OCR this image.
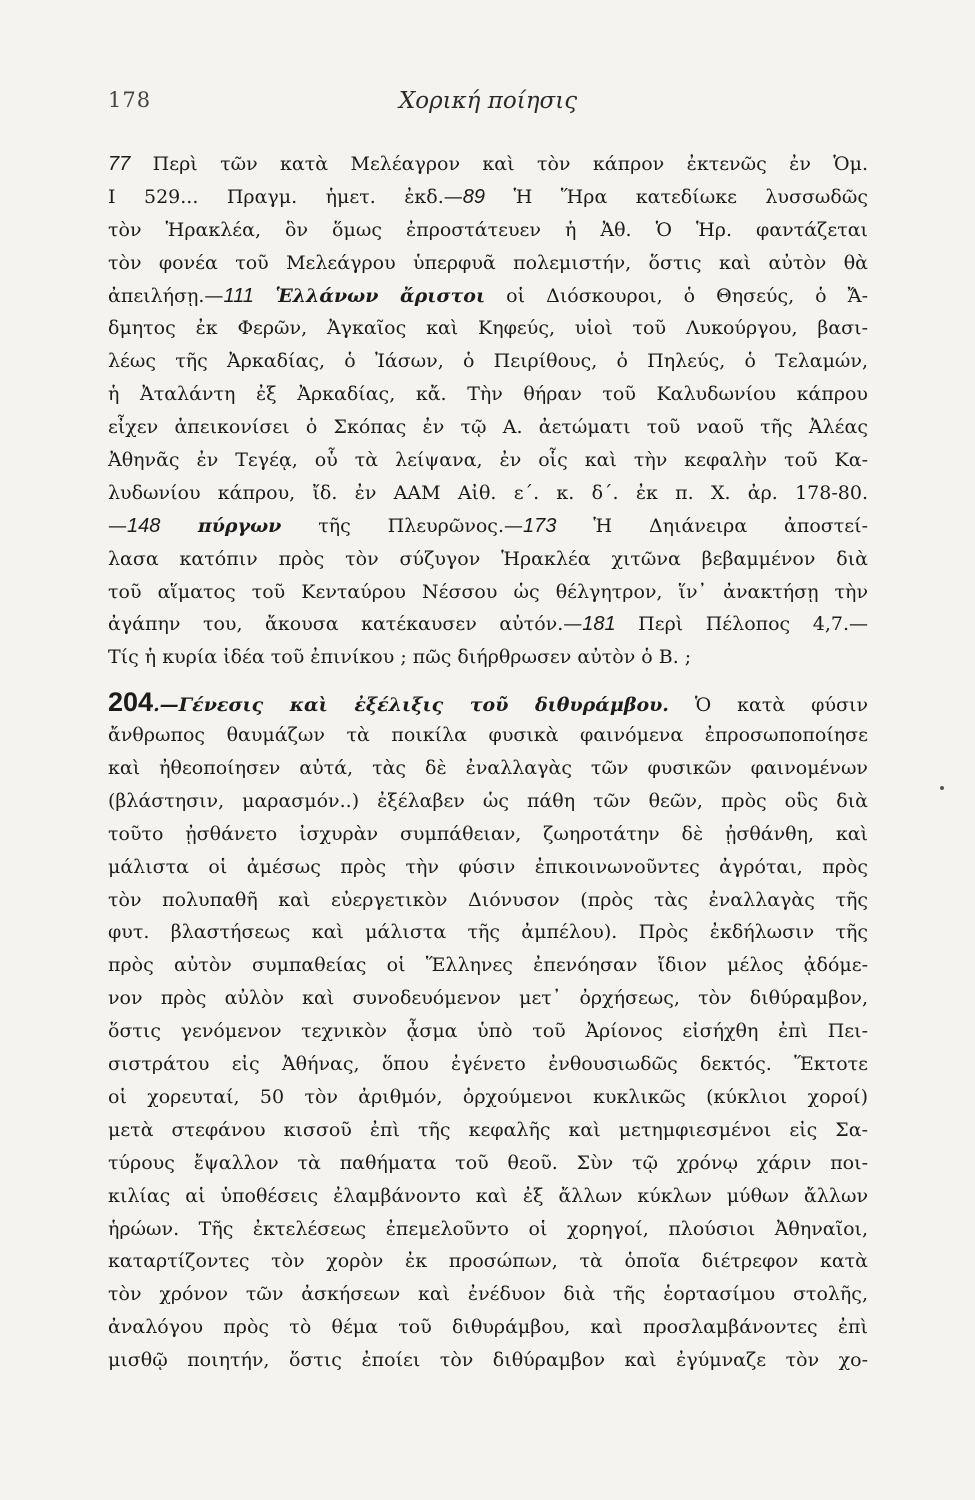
178	Χορική ποίησις
77 Περὶ τῶν κατὰ Μελέαγρον καὶ τὸν κάπρον ἐκτενῶς ἐν Ὁμ.
Ι 529... Πραγμ. ἡμετ. ἐκδ.—89 Ἡ Ἥρα κατεδίωκε λυσσωδῶς
τὸν Ἡρακλέα, ὃν ὅμως ἐπροστάτευεν ἡ Ἀθ. Ὁ Ἡρ. φαντάζεται
τὸν φονέα τοῦ Μελεάγρου ὑπερφυᾶ πολεμιστήν, ὅστις καὶ αὐτὸν θὰ
ἀπειλήσῃ.—111 Ἑλλάνων ἄριστοι οἱ Διόσκουροι, ὁ Θησεύς, ὁ Ἄ-
δμητος ἐκ Φερῶν, Ἀγκαῖος καὶ Κηφεύς, υἱοὶ τοῦ Λυκούργου, βασι-
λέως τῆς Ἀρκαδίας, ὁ Ἰάσων, ὁ Πειρίθους, ὁ Πηλεύς, ὁ Τελαμών,
ἡ Ἀταλάντη ἐξ Ἀρκαδίας, κἄ. Τὴν θήραν τοῦ Καλυδωνίου κάπρου
εἶχεν ἀπεικονίσει ὁ Σκόπας ἐν τῷ Α. ἀετώματι τοῦ ναοῦ τῆς Ἀλέας
Ἀθηνᾶς ἐν Τεγέᾳ, οὗ τὰ λείψανα, ἐν οἷς καὶ τὴν κεφαλὴν τοῦ Κα-
λυδωνίου κάπρου, ἴδ. ἐν ΑΑΜ Αἰθ. ε΄. κ. δ΄. ἐκ π. Χ. ἀρ. 178-80.
—148 πύργων τῆς Πλευρῶνος.—173 Ἡ Δηιάνειρα ἀποστεί-
λασα κατόπιν πρὸς τὸν σύζυγον Ἡρακλέα χιτῶνα βεβαμμένον διὰ
τοῦ αἵματος τοῦ Κενταύρου Νέσσου ὡς θέλγητρον, ἵν᾿ ἀνακτήσῃ τὴν
ἀγάπην του, ἄκουσα κατέκαυσεν αὐτόν.—181 Περὶ Πέλοπος 4,7.—
Τίς ἡ κυρία ἰδέα τοῦ ἐπινίκου ; πῶς διήρθρωσεν αὐτὸν ὁ Β. ;
204.—Γένεσις καὶ ἐξέλιξις τοῦ διθυράμβου. Ὁ κατὰ φύσιν
ἄνθρωπος θαυμάζων τὰ ποικίλα φυσικὰ φαινόμενα ἐπροσωποποίησε
καὶ ἠθεοποίησεν αὐτά, τὰς δὲ ἐναλλαγὰς τῶν φυσικῶν φαινομένων
(βλάστησιν, μαρασμόν..) ἐξέλαβεν ὡς πάθη τῶν θεῶν, πρὸς οὓς διὰ
τοῦτο ᾐσθάνετο ἰσχυρὰν συμπάθειαν, ζωηροτάτην δὲ ᾐσθάνθη, καὶ
μάλιστα οἱ ἀμέσως πρὸς τὴν φύσιν ἐπικοινωνοῦντες ἀγρόται, πρὸς
τὸν πολυπαθῆ καὶ εὐεργετικὸν Διόνυσον (πρὸς τὰς ἐναλλαγὰς τῆς
φυτ. βλαστήσεως καὶ μάλιστα τῆς ἀμπέλου). Πρὸς ἐκδήλωσιν τῆς
πρὸς αὐτὸν συμπαθείας οἱ Ἕλληνες ἐπενόησαν ἴδιον μέλος ᾀδόμε-
νον πρὸς αὐλὸν καὶ συνοδευόμενον μετ᾿ ὀρχήσεως, τὸν διθύραμβον,
ὅστις γενόμενον τεχνικὸν ᾆσμα ὑπὸ τοῦ Ἀρίονος εἰσήχθη ἐπὶ Πει-
σιστράτου εἰς Ἀθήνας, ὅπου ἐγένετο ἐνθουσιωδῶς δεκτός. Ἕκτοτε
οἱ χορευταί, 50 τὸν ἀριθμόν, ὀρχούμενοι κυκλικῶς (κύκλιοι χοροί)
μετὰ στεφάνου κισσοῦ ἐπὶ τῆς κεφαλῆς καὶ μετημφιεσμένοι εἰς Σα-
τύρους ἔψαλλον τὰ παθήματα τοῦ θεοῦ. Σὺν τῷ χρόνῳ χάριν ποι-
κιλίας αἱ ὑποθέσεις ἐλαμβάνοντο καὶ ἐξ ἄλλων κύκλων μύθων ἄλλων
ἡρώων. Τῆς ἐκτελέσεως ἐπεμελοῦντο οἱ χορηγοί, πλούσιοι Ἀθηναῖοι,
καταρτίζοντες τὸν χορὸν ἐκ προσώπων, τὰ ὁποῖα διέτρεφον κατὰ
τὸν χρόνον τῶν ἀσκήσεων καὶ ἐνέδυον διὰ τῆς ἑορτασίμου στολῆς,
ἀναλόγου πρὸς τὸ θέμα τοῦ διθυράμβου, καὶ προσλαμβάνοντες ἐπὶ
μισθῷ ποιητήν, ὅστις ἐποίει τὸν διθύραμβον καὶ ἐγύμναζε τὸν χο-
